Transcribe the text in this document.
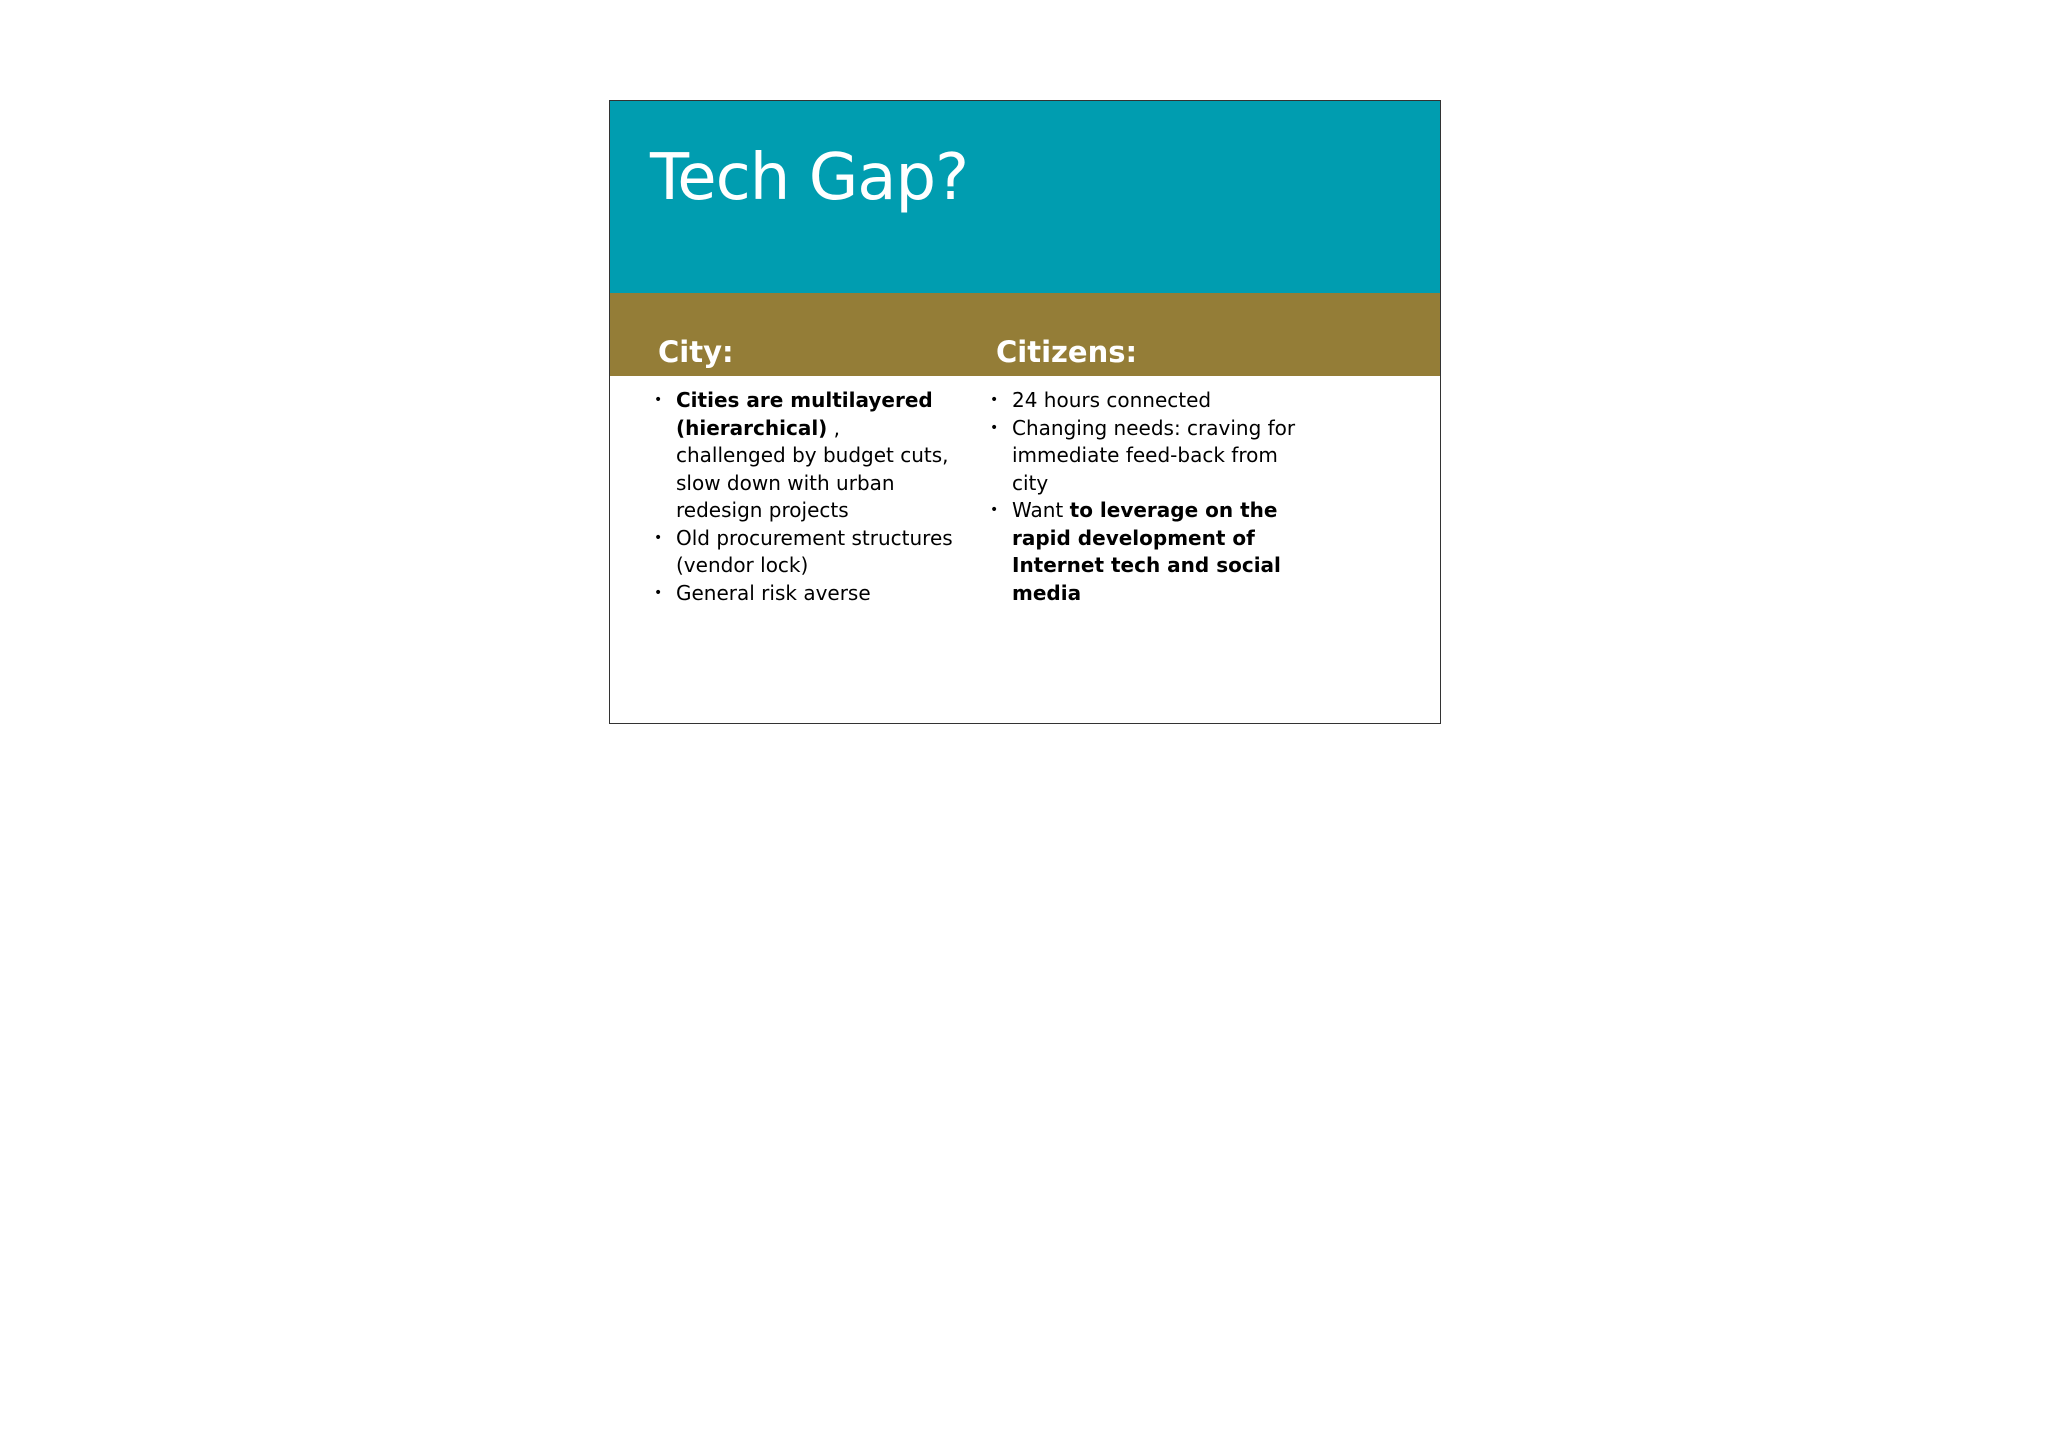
Tech Gap?
City:	Citizens:
• Cities are multilayered (hierarchical) , challenged by budget cuts, slow down with urban redesign projects
• Old procurement structures (vendor lock)
• General risk averse
• 24 hours connected
• Changing needs: craving for immediate feed-back from city
• Want to leverage on the rapid development of Internet tech and social media
